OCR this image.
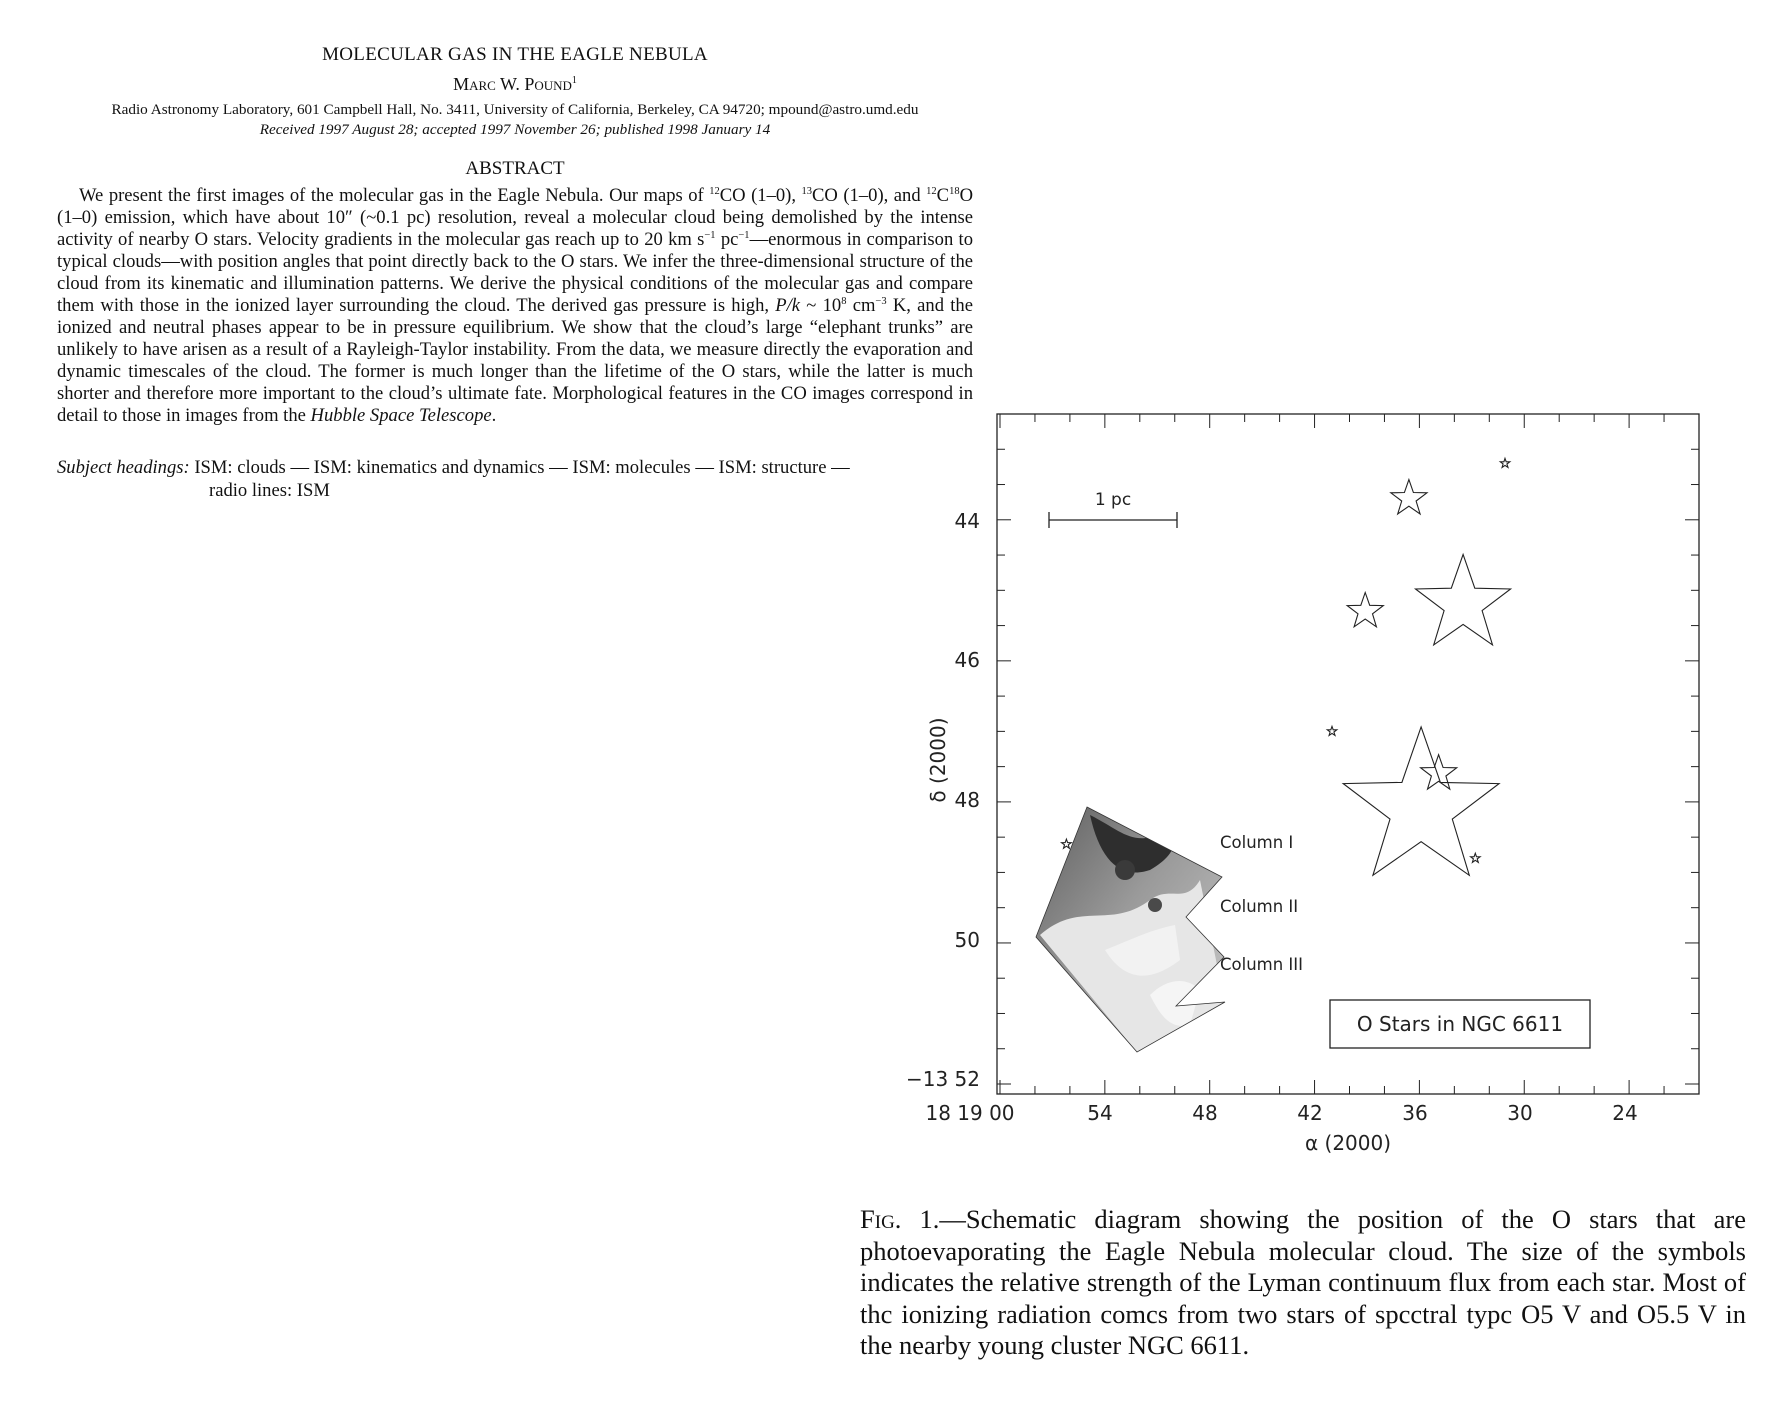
MOLECULAR GAS IN THE EAGLE NEBULA
Marc W. Pound$^1$
Radio Astronomy Laboratory, 601 Campbell Hall, No. 3411, University of California, Berkeley, CA 94720; mpound@astro.umd.edu
Received 1997 August 28; accepted 1997 November 26; published 1998 January 14
ABSTRACT
We present the first images of the molecular gas in the Eagle Nebula. Our maps of $^{12}$CO (1–0), $^{13}$CO (1–0), and $^{12}C^{18}O$ (1–0) emission, which have about 10″ (~0.1 pc) resolution, reveal a molecular cloud being demolished by the intense activity of nearby O stars. Velocity gradients in the molecular gas reach up to 20 km $s^{-1}$ $pc^{-1}—enormous$ in comparison to typical clouds—with position angles that point directly back to the O stars. We infer the three-dimensional structure of the cloud from its kinematic and illumination patterns. We derive the physical conditions of the molecular gas and compare them with those in the ionized layer surrounding the cloud. The derived gas pressure is high, P/k ~ $10^8$ $cm^{-3}$ K, and the ionized and neutral phases appear to be in pressure equilibrium. We show that the cloud’s large “elephant trunks” are unlikely to have arisen as a result of a Rayleigh-Taylor instability. From the data, we measure directly the evaporation and dynamic timescales of the cloud. The former is much longer than the lifetime of the O stars, while the latter is much shorter and therefore more important to the cloud’s ultimate fate. Morphological features in the CO images correspond in detail to those in images from the Hubble Space Telescope.
Subject headings: ISM: clouds — ISM: kinematics and dynamics — ISM: molecules — ISM: structure —
radio lines: ISM	1 pc
Column I
Column II
Column III
O Stars in NGC 6611
44
46
48
50
−13 52
δ (2000)
18 19 00	54	48	42	36	30	24
α (2000)
Fig. 1.—Schematic diagram showing the position of the O stars that are photoevaporating the Eagle Nebula molecular cloud. The size of the symbols indicates the relative strength of the Lyman continuum flux from each star. Most of thc ionizing radiation comcs from two stars of spcctral typc O5 V and O5.5 V in the nearby young cluster NGC 6611.
